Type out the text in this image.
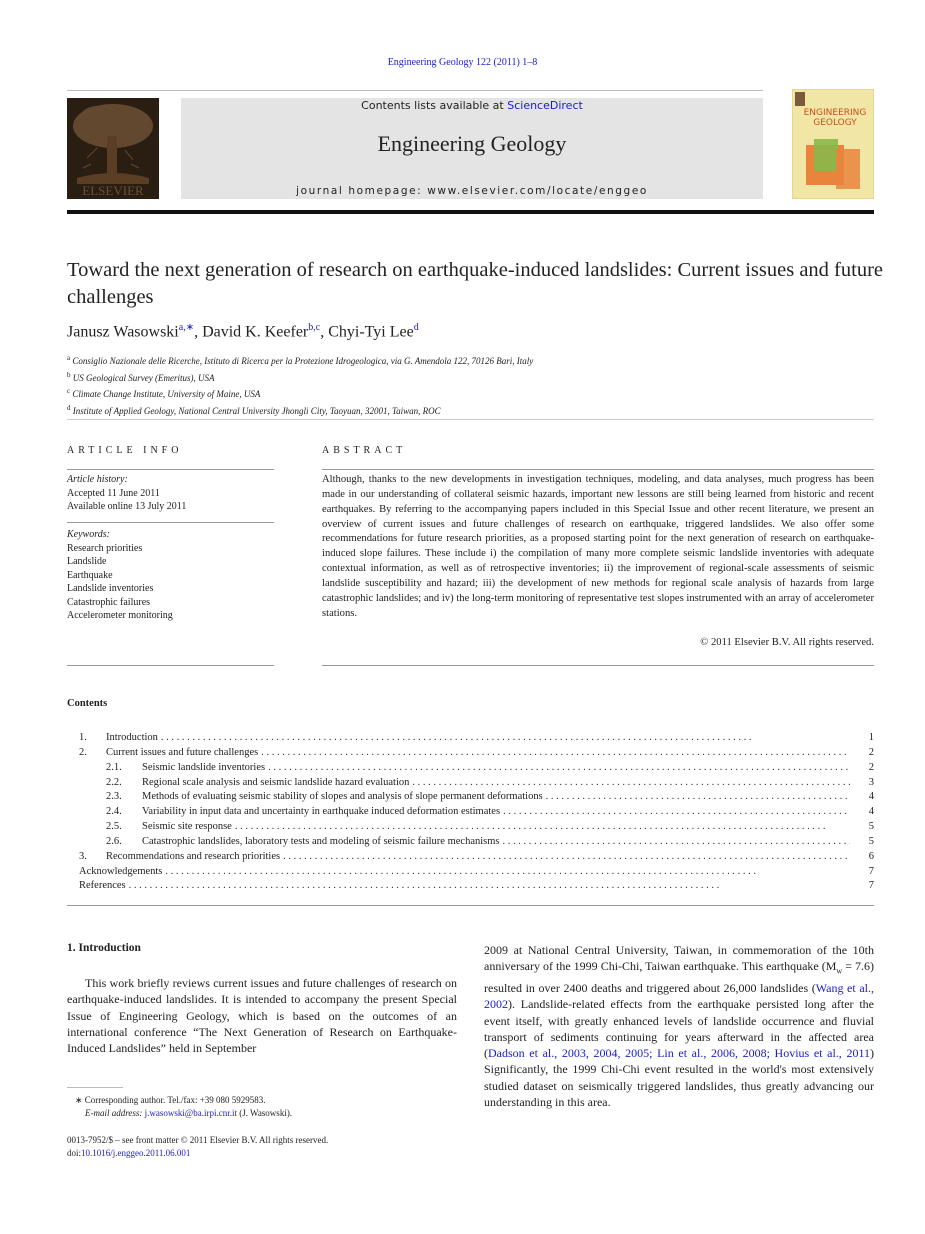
Engineering Geology 122 (2011) 1–8
ELSEVIER
Contents lists available at ScienceDirect
Engineering Geology
journal homepage: www.elsevier.com/locate/enggeo
ENGINEERING
GEOLOGY
Toward the next generation of research on earthquake-induced landslides: Current issues and future challenges
Janusz Wasowski$^{a,∗}$, David K. Keefer$^{b,c}$, Chyi-Tyi Lee$^d$
$^a$ Consiglio Nazionale delle Ricerche, Istituto di Ricerca per la Protezione Idrogeologica, via G. Amendola 122, 70126 Bari, Italy
$^b$ US Geological Survey (Emeritus), USA
$^c$ Climate Change Institute, University of Maine, USA
$^d$ Institute of Applied Geology, National Central University Jhongli City, Taoyuan, 32001, Taiwan, ROC
ARTICLE INFO
Article history:
Accepted 11 June 2011
Available online 13 July 2011
Keywords:
Research priorities
Landslide
Earthquake
Landslide inventories
Catastrophic failures
Accelerometer monitoring
ABSTRACT
Although, thanks to the new developments in investigation techniques, modeling, and data analyses, much progress has been made in our understanding of collateral seismic hazards, important new lessons are still being learned from historic and recent earthquakes. By referring to the accompanying papers included in this Special Issue and other recent literature, we present an overview of current issues and future challenges of research on earthquake, triggered landslides. We also offer some recommendations for future research priorities, as a proposed starting point for the next generation of research on earthquake-induced slope failures. These include i) the compilation of many more complete seismic landslide inventories with adequate contextual information, as well as of retrospective inventories; ii) the improvement of regional-scale assessments of seismic landslide susceptibility and hazard; iii) the development of new methods for regional scale analysis of hazards from large catastrophic landslides; and iv) the long-term monitoring of representative test slopes instrumented with an array of accelerometer stations.
© 2011 Elsevier B.V. All rights reserved.
Contents
1.	Introduction . . .	1
2.	Current issues and future challenges . . .	2
2.1.	Seismic landslide inventories . . .	2
2.2.	Regional scale analysis and seismic landslide hazard evaluation . . .	3
2.3.	Methods of evaluating seismic stability of slopes and analysis of slope permanent deformations . . .	4
2.4.	Variability in input data and uncertainty in earthquake induced deformation estimates . . .	4
2.5.	Seismic site response . . .	5
2.6.	Catastrophic landslides, laboratory tests and modeling of seismic failure mechanisms . . .	5
3.	Recommendations and research priorities . . .	6
Acknowledgements . . .	7
References . . .	7
1. Introduction
This work briefly reviews current issues and future challenges of research on earthquake-induced landslides. It is intended to accompany the present Special Issue of Engineering Geology, which is based on the outcomes of an international conference “The Next Generation of Research on Earthquake-Induced Landslides” held in September
2009 at National Central University, Taiwan, in commemoration of the 10th anniversary of the 1999 Chi-Chi, Taiwan earthquake. This earthquake $(M_w = 7.6)$ resulted in over 2400 deaths and triggered about 26,000 landslides (Wang et al., 2002). Landslide-related effects from the earthquake persisted long after the event itself, with greatly enhanced levels of landslide occurrence and fluvial transport of sediments continuing for years afterward in the affected area (Dadson et al., 2003, 2004, 2005; Lin et al., 2006, 2008; Hovius et al., 2011) Significantly, the 1999 Chi-Chi event resulted in the world's most extensively studied dataset on seismically triggered landslides, thus greatly advancing our understanding in this area.
∗ Corresponding author. Tel./fax: +39 080 5929583.
E-mail address: j.wasowski@ba.irpi.cnr.it (J. Wasowski).
0013-7952/$ – see front matter © 2011 Elsevier B.V. All rights reserved.
doi:10.1016/j.enggeo.2011.06.001
